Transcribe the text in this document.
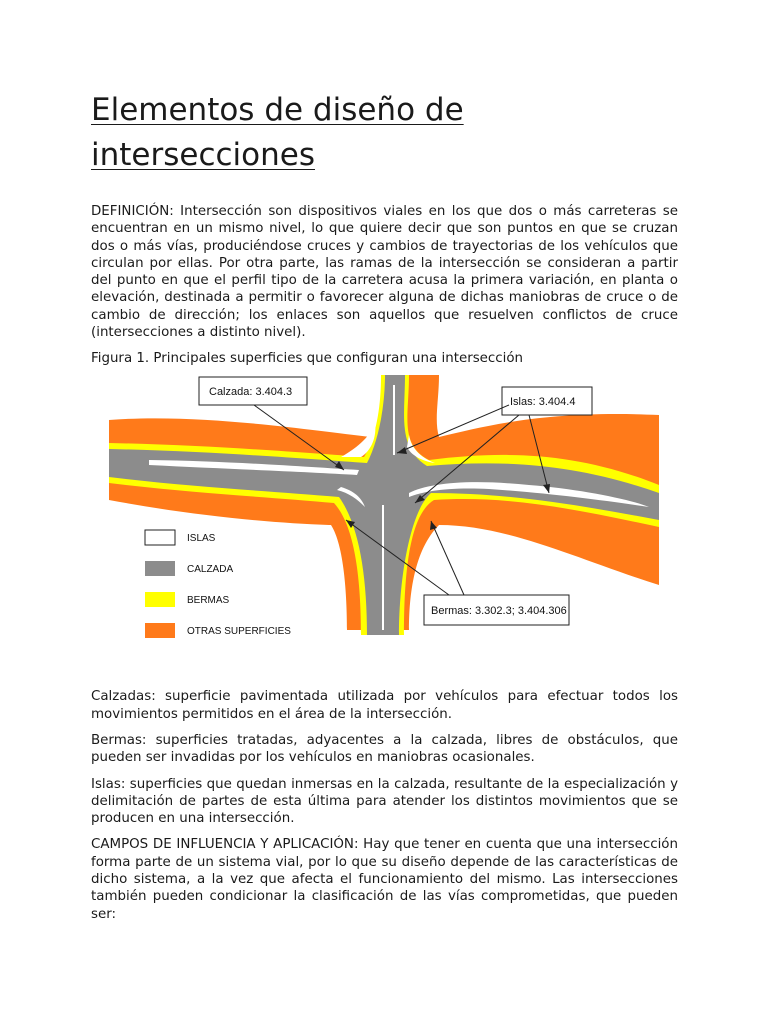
Elementos de diseño de intersecciones

DEFINICIÓN: Intersección son dispositivos viales en los que dos o más carreteras se encuentran en un mismo nivel, lo que quiere decir que son puntos en que se cruzan dos o más vías, produciéndose cruces y cambios de trayectorias de los vehículos que circulan por ellas. Por otra parte, las ramas de la intersección se consideran a partir del punto en que el perfil tipo de la carretera acusa la primera variación, en planta o elevación, destinada a permitir o favorecer alguna de dichas maniobras de cruce o de cambio de dirección; los enlaces son aquellos que resuelven conflictos de cruce (intersecciones a distinto nivel).

Figura 1. Principales superficies que configuran una intersección
Calzada: 3.404.3
Islas: 3.404.4
Bermas: 3.302.3; 3.404.306
ISLAS
CALZADA
BERMAS
OTRAS SUPERFICIES

Calzadas: superficie pavimentada utilizada por vehículos para efectuar todos los movimientos permitidos en el área de la intersección.

Bermas: superficies tratadas, adyacentes a la calzada, libres de obstáculos, que pueden ser invadidas por los vehículos en maniobras ocasionales.

Islas: superficies que quedan inmersas en la calzada, resultante de la especialización y delimitación de partes de esta última para atender los distintos movimientos que se producen en una intersección.

CAMPOS DE INFLUENCIA Y APLICACIÓN: Hay que tener en cuenta que una intersección forma parte de un sistema vial, por lo que su diseño depende de las características de dicho sistema, a la vez que afecta el funcionamiento del mismo. Las intersecciones también pueden condicionar la clasificación de las vías comprometidas, que pueden ser:
